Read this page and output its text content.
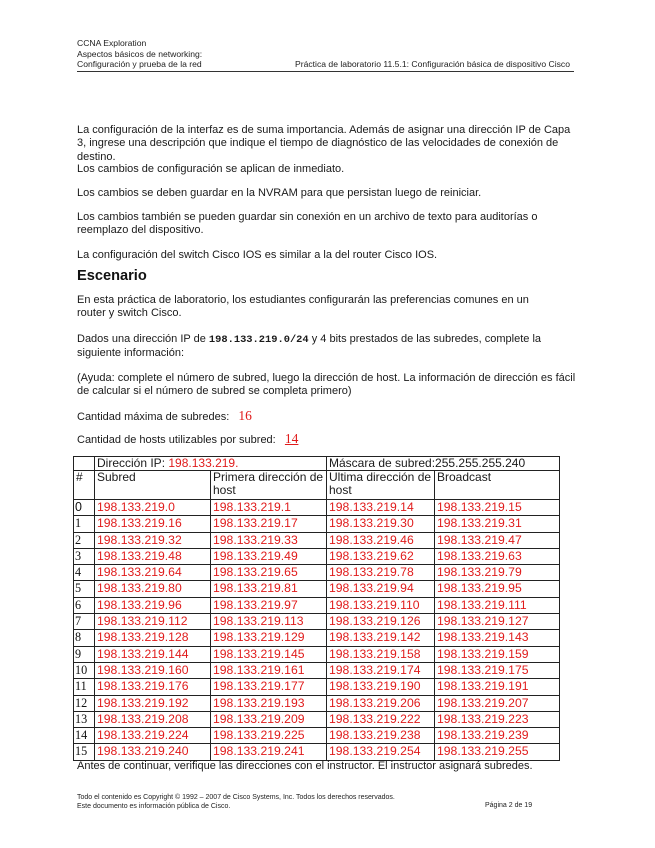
CCNA Exploration
Aspectos básicos de networking:
Configuración y prueba de la red	Práctica de laboratorio 11.5.1: Configuración básica de dispositivo Cisco
La configuración de la interfaz es de suma importancia. Además de asignar una dirección IP de Capa 3, ingrese una descripción que indique el tiempo de diagnóstico de las velocidades de conexión de destino.
Los cambios de configuración se aplican de inmediato.
Los cambios se deben guardar en la NVRAM para que persistan luego de reiniciar.
Los cambios también se pueden guardar sin conexión en un archivo de texto para auditorías o reemplazo del dispositivo.
La configuración del switch Cisco IOS es similar a la del router Cisco IOS.
Escenario
En esta práctica de laboratorio, los estudiantes configurarán las preferencias comunes en un router y switch Cisco.
Dados una dirección IP de 198.133.219.0/24 y 4 bits prestados de las subredes, complete la siguiente información:
(Ayuda: complete el número de subred, luego la dirección de host. La información de dirección es fácil de calcular si el número de subred se completa primero)
Cantidad máxima de subredes: 16
Cantidad de hosts utilizables por subred: 14
	Dirección IP: 198.133.219.		Máscara de subred:255.255.255.240	
#	Subred	Primera dirección de host	Ultima dirección de host	Broadcast
0	198.133.219.0	198.133.219.1	198.133.219.14	198.133.219.15
1	198.133.219.16	198.133.219.17	198.133.219.30	198.133.219.31
2	198.133.219.32	198.133.219.33	198.133.219.46	198.133.219.47
3	198.133.219.48	198.133.219.49	198.133.219.62	198.133.219.63
4	198.133.219.64	198.133.219.65	198.133.219.78	198.133.219.79
5	198.133.219.80	198.133.219.81	198.133.219.94	198.133.219.95
6	198.133.219.96	198.133.219.97	198.133.219.110	198.133.219.111
7	198.133.219.112	198.133.219.113	198.133.219.126	198.133.219.127
8	198.133.219.128	198.133.219.129	198.133.219.142	198.133.219.143
9	198.133.219.144	198.133.219.145	198.133.219.158	198.133.219.159
10	198.133.219.160	198.133.219.161	198.133.219.174	198.133.219.175
11	198.133.219.176	198.133.219.177	198.133.219.190	198.133.219.191
12	198.133.219.192	198.133.219.193	198.133.219.206	198.133.219.207
13	198.133.219.208	198.133.219.209	198.133.219.222	198.133.219.223
14	198.133.219.224	198.133.219.225	198.133.219.238	198.133.219.239
15	198.133.219.240	198.133.219.241	198.133.219.254	198.133.219.255
Antes de continuar, verifique las direcciones con el instructor. El instructor asignará subredes.
Todo el contenido es Copyright © 1992 – 2007 de Cisco Systems, Inc. Todos los derechos reservados.
Este documento es información pública de Cisco.	Página 2 de 19
